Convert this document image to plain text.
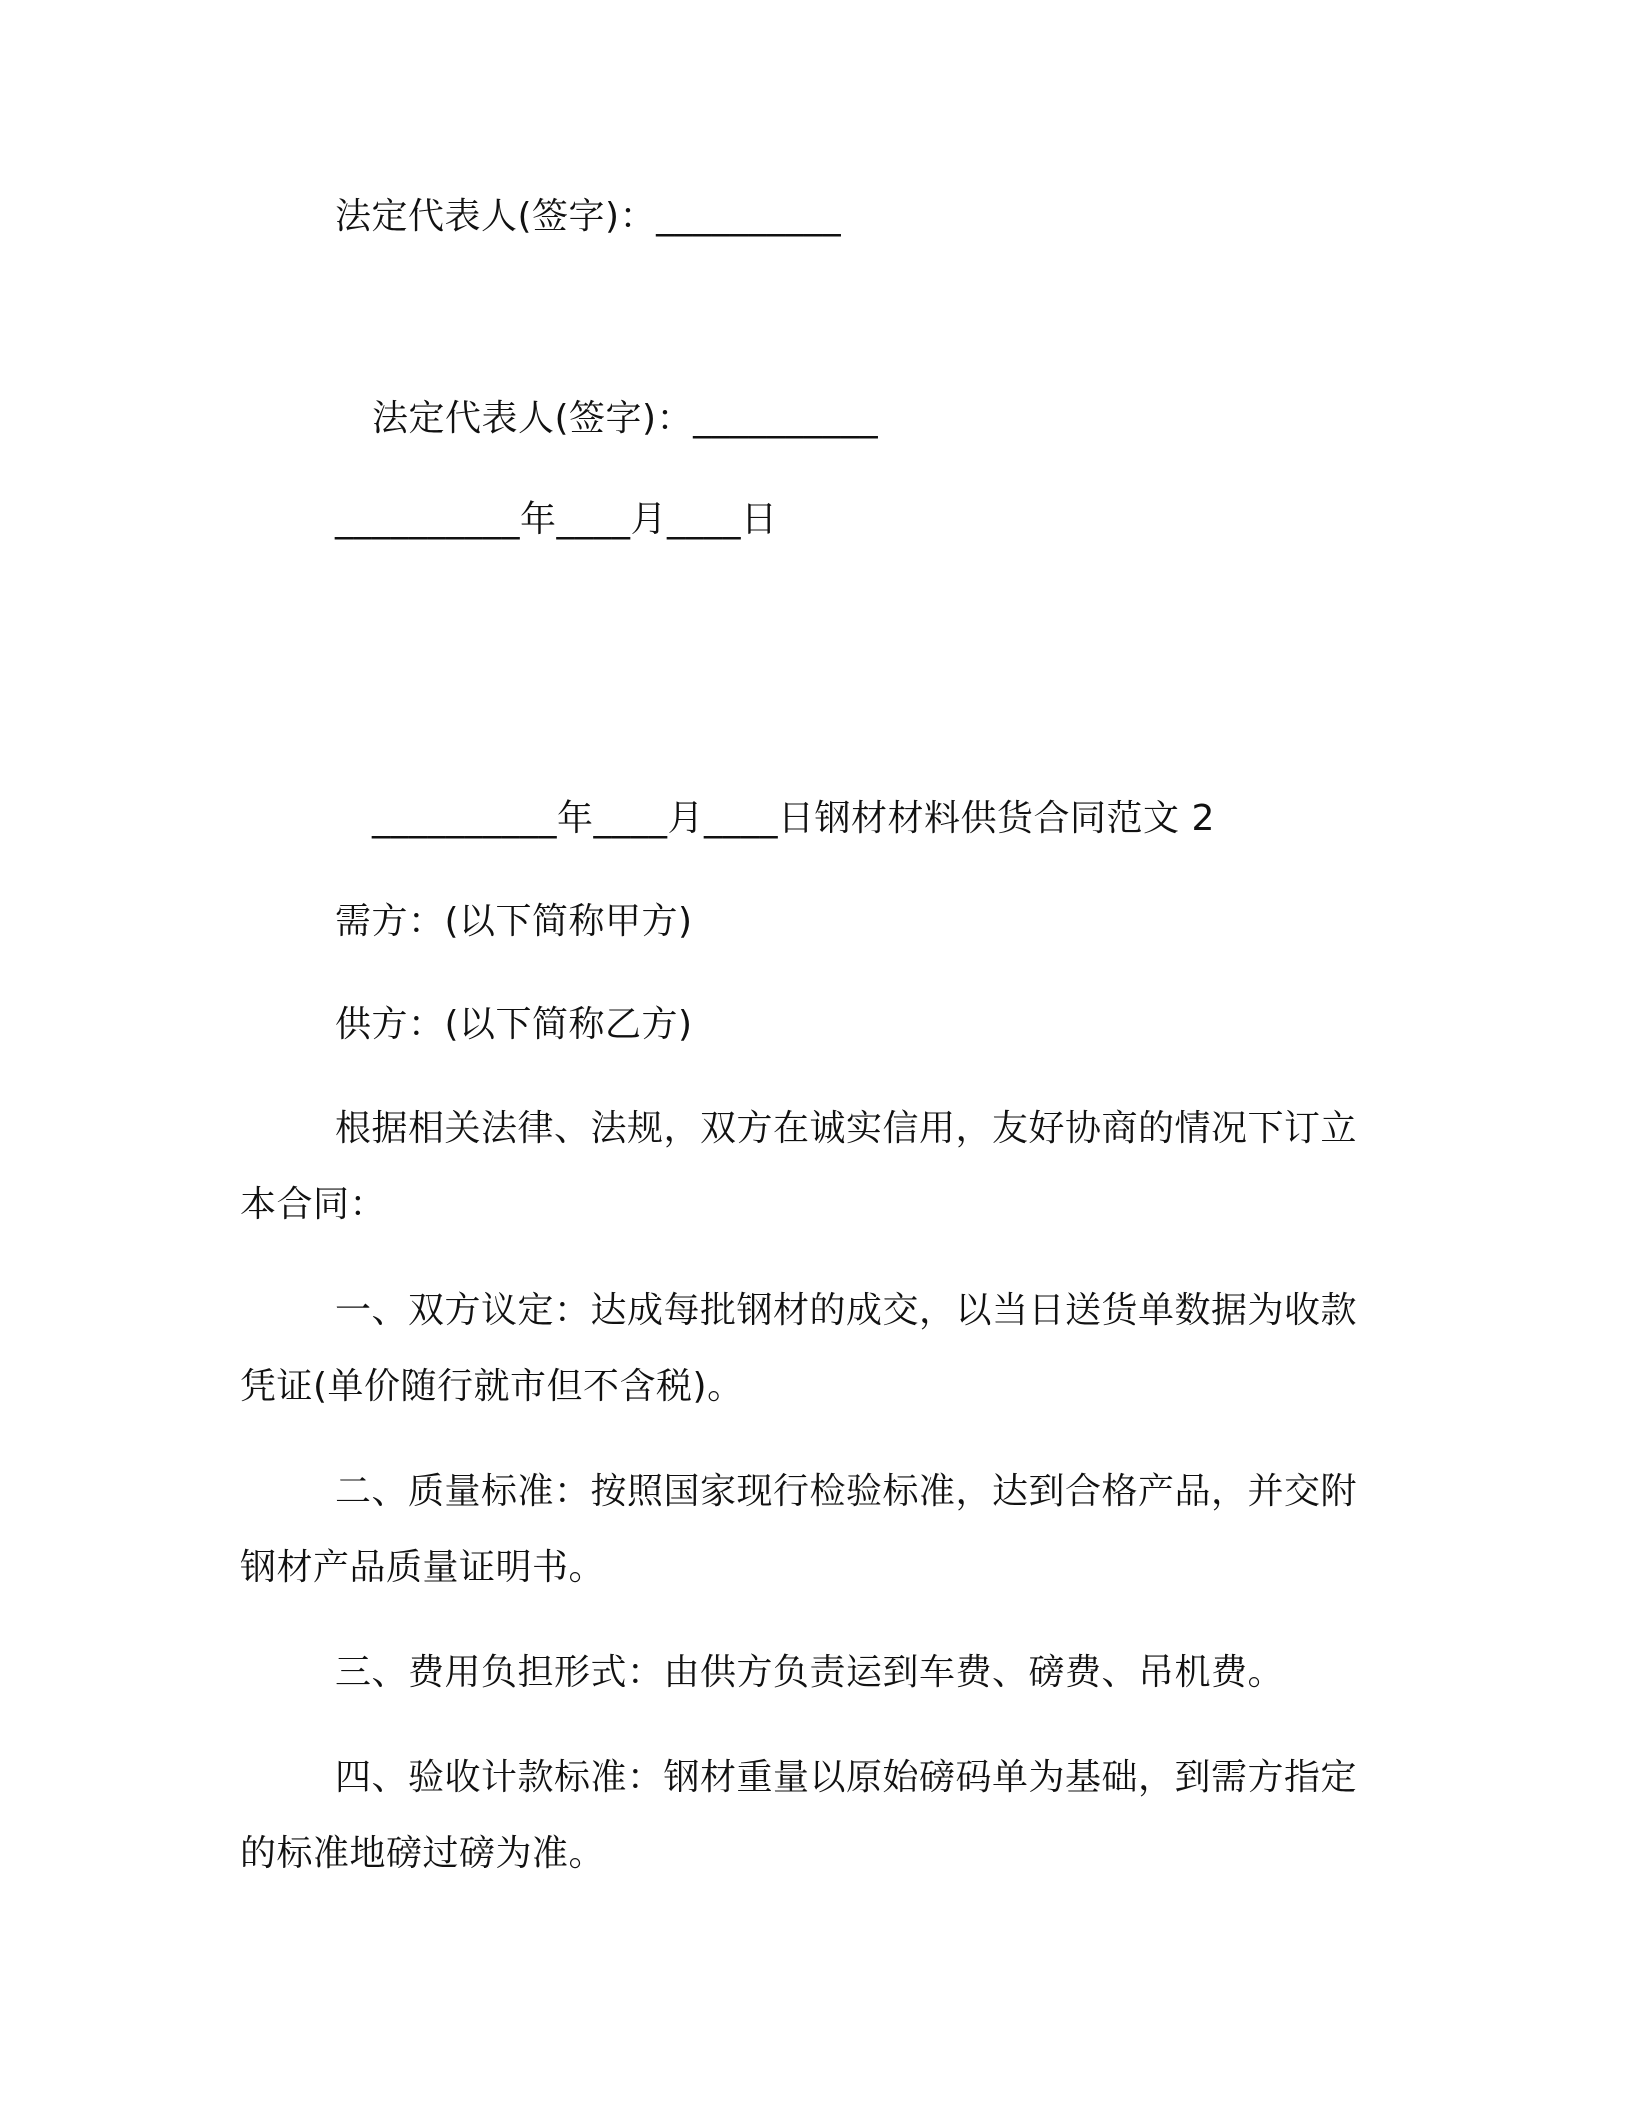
法定代表人(签字)：__________
法定代表人(签字)：__________
__________年____月____日
__________年____月____日钢材材料供货合同范文 2
需方：(以下简称甲方)
供方：(以下简称乙方)
根据相关法律、法规，双方在诚实信用，友好协商的情况下订立
本合同：
一、双方议定：达成每批钢材的成交，以当日送货单数据为收款
凭证(单价随行就市但不含税)。
二、质量标准：按照国家现行检验标准，达到合格产品，并交附
钢材产品质量证明书。
三、费用负担形式：由供方负责运到车费、磅费、吊机费。
四、验收计款标准：钢材重量以原始磅码单为基础，到需方指定
的标准地磅过磅为准。
